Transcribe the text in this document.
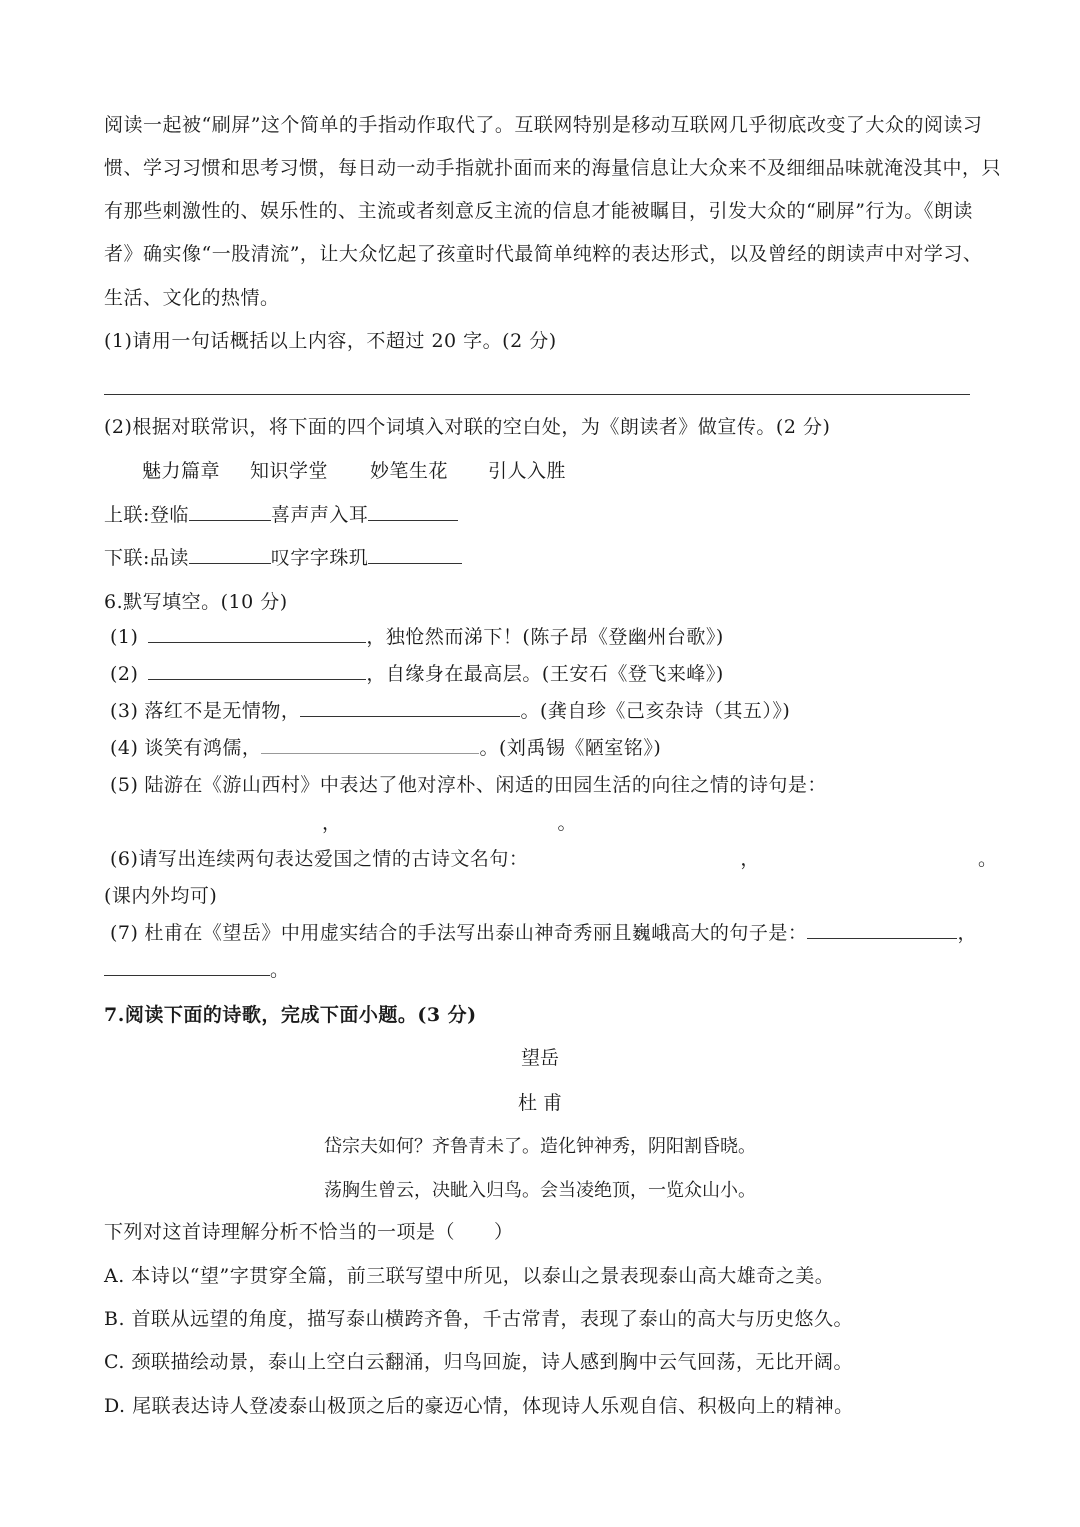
阅读一起被“刷屏”这个简单的手指动作取代了。互联网特别是移动互联网几乎彻底改变了大众的阅读习
惯、学习习惯和思考习惯，每日动一动手指就扑面而来的海量信息让大众来不及细细品味就淹没其中，只
有那些刺激性的、娱乐性的、主流或者刻意反主流的信息才能被瞩目，引发大众的“刷屏”行为。《朗读
者》确实像“一股清流”，让大众忆起了孩童时代最简单纯粹的表达形式，以及曾经的朗读声中对学习、
生活、文化的热情。
(1)请用一句话概括以上内容，不超过 20 字。(2 分)
(2)根据对联常识，将下面的四个词填入对联的空白处，为《朗读者》做宣传。(2 分)
魅力篇章 知识学堂 妙笔生花 引人入胜
上联:登临	喜声声入耳
下联:品读	叹字字珠玑
6.默写填空。(10 分)
(1)	，独怆然而涕下！(陈子昂《登幽州台歌》)
(2)	，自缘身在最高层。(王安石《登飞来峰》)
(3) 落红不是无情物，	。(龚自珍《己亥杂诗（其五）》)
(4) 谈笑有鸿儒，	。(刘禹锡《陋室铭》)
(5) 陆游在《游山西村》中表达了他对淳朴、闲适的田园生活的向往之情的诗句是：
，	。
(6)请写出连续两句表达爱国之情的古诗文名句：	，	。
(课内外均可)
(7) 杜甫在《望岳》中用虚实结合的手法写出泰山神奇秀丽且巍峨高大的句子是：	，
。
7.阅读下面的诗歌，完成下面小题。(3 分)
望岳
杜 甫
岱宗夫如何？齐鲁青未了。造化钟神秀，阴阳割昏晓。
荡胸生曾云，决眦入归鸟。会当凌绝顶，一览众山小。
下列对这首诗理解分析不恰当的一项是（　　）
A. 本诗以“望”字贯穿全篇，前三联写望中所见，以泰山之景表现泰山高大雄奇之美。
B. 首联从远望的角度，描写泰山横跨齐鲁，千古常青，表现了泰山的高大与历史悠久。
C. 颈联描绘动景，泰山上空白云翻涌，归鸟回旋，诗人感到胸中云气回荡，无比开阔。
D. 尾联表达诗人登凌泰山极顶之后的豪迈心情，体现诗人乐观自信、积极向上的精神。
